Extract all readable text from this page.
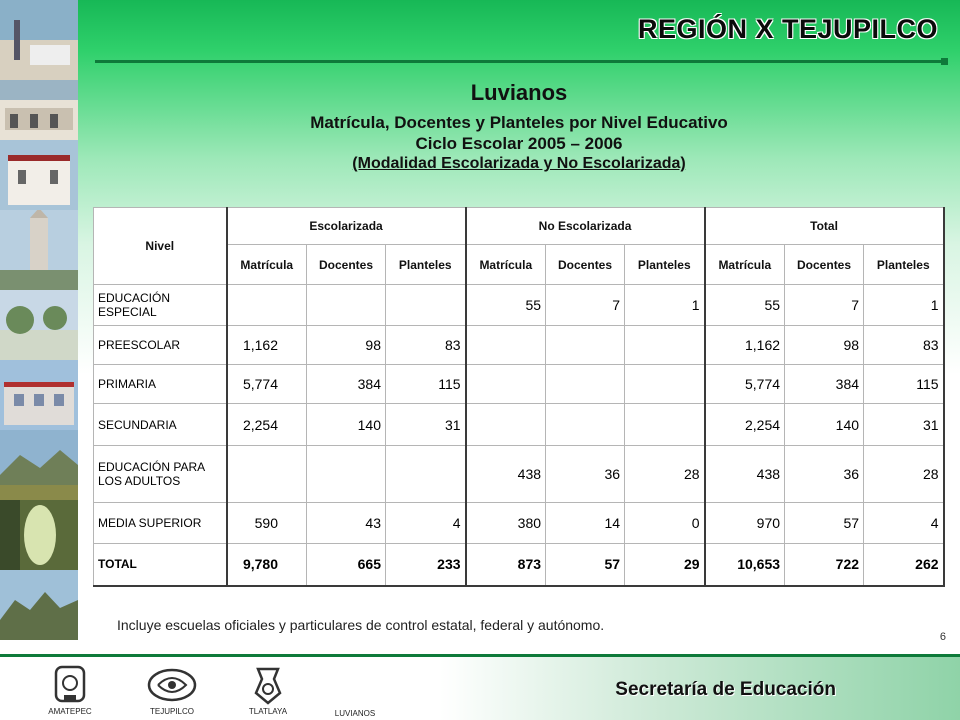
REGIÓN X TEJUPILCO
Luvianos
Matrícula, Docentes y Planteles por Nivel Educativo
Ciclo Escolar 2005 – 2006
(Modalidad Escolarizada y No Escolarizada)
Nivel	Escolarizada			No Escolarizada			Total		
	Matrícula	Docentes	Planteles	Matrícula	Docentes	Planteles	Matrícula	Docentes	Planteles
EDUCACIÓN ESPECIAL				55	7	1	55	7	1
PREESCOLAR	1,162	98	83				1,162	98	83
PRIMARIA	5,774	384	115				5,774	384	115
SECUNDARIA	2,254	140	31				2,254	140	31
EDUCACIÓN PARA LOS ADULTOS				438	36	28	438	36	28
MEDIA SUPERIOR	590	43	4	380	14	0	970	57	4
TOTAL	9,780	665	233	873	57	29	10,653	722	262
Incluye escuelas oficiales y particulares de control estatal, federal y autónomo.
6
AMATEPEC	TEJUPILCO	TLATLAYA	LUVIANOS
Secretaría de Educación
